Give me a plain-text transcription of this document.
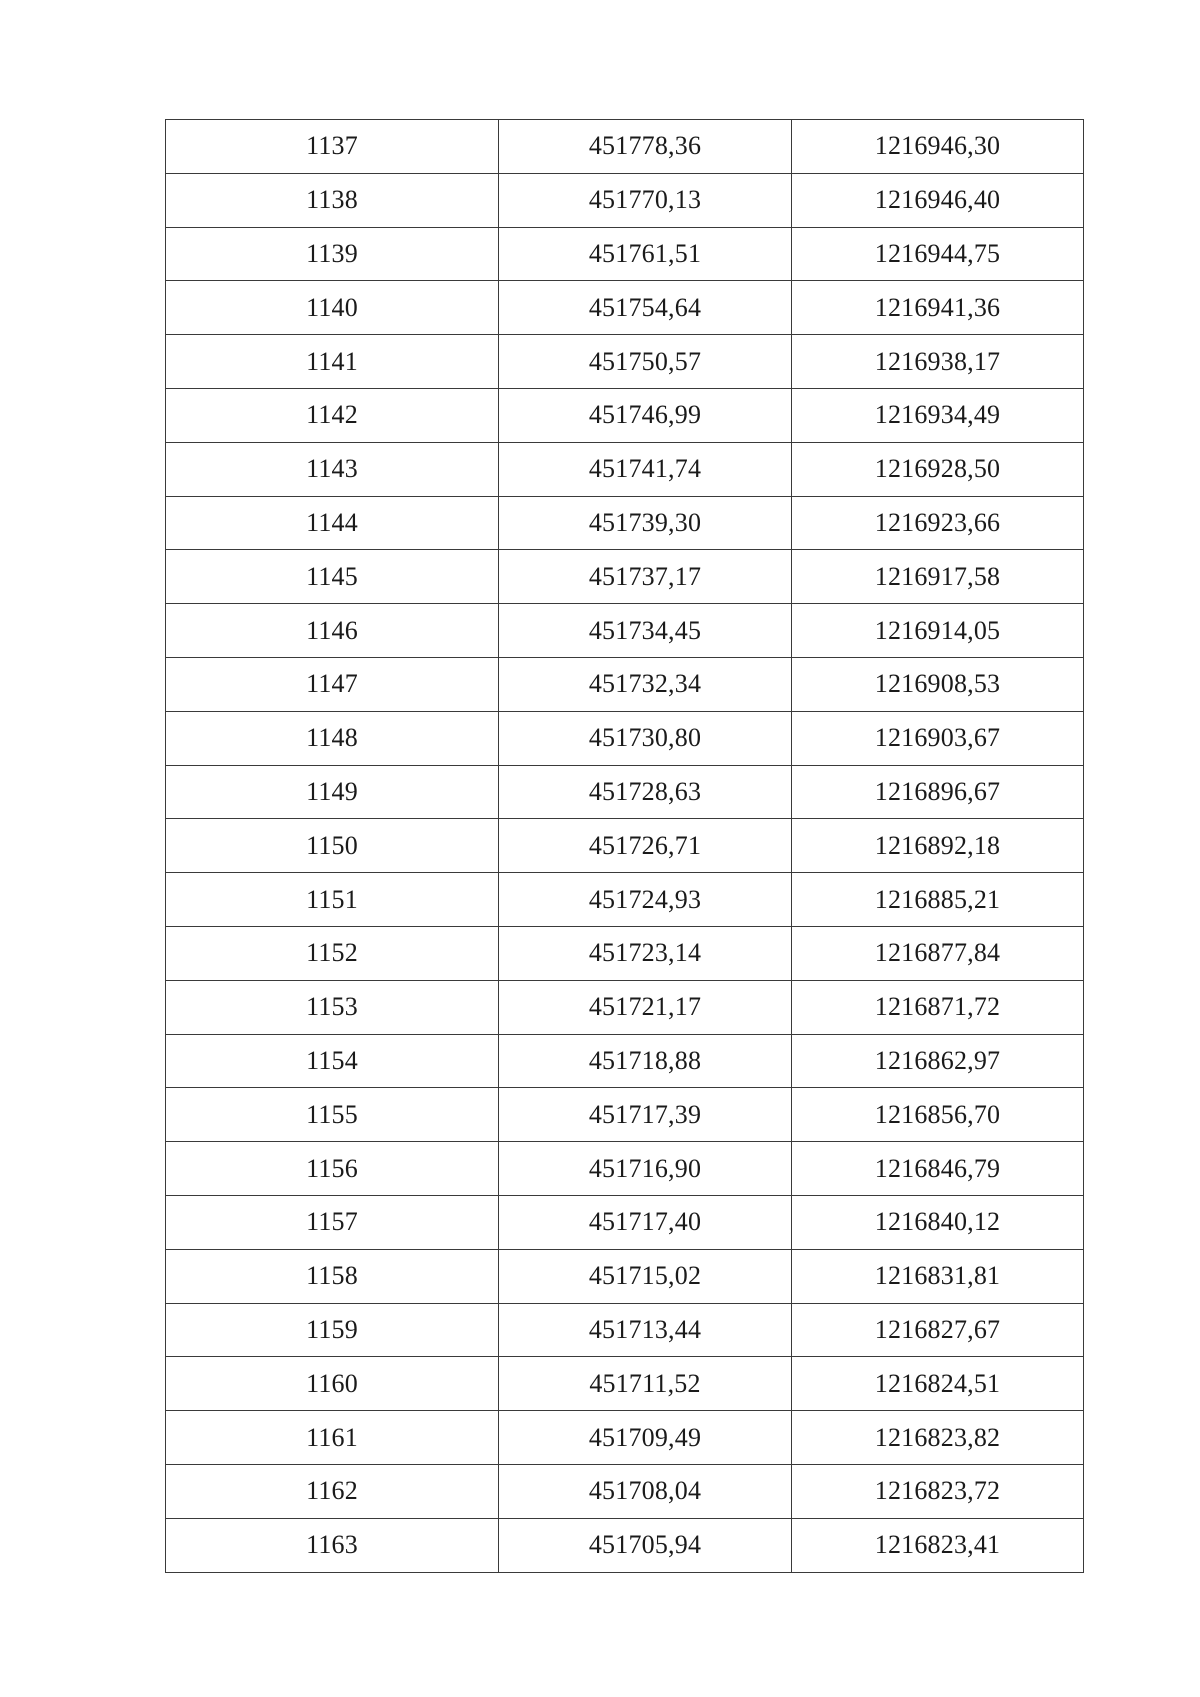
1137	451778,36	1216946,30
1138	451770,13	1216946,40
1139	451761,51	1216944,75
1140	451754,64	1216941,36
1141	451750,57	1216938,17
1142	451746,99	1216934,49
1143	451741,74	1216928,50
1144	451739,30	1216923,66
1145	451737,17	1216917,58
1146	451734,45	1216914,05
1147	451732,34	1216908,53
1148	451730,80	1216903,67
1149	451728,63	1216896,67
1150	451726,71	1216892,18
1151	451724,93	1216885,21
1152	451723,14	1216877,84
1153	451721,17	1216871,72
1154	451718,88	1216862,97
1155	451717,39	1216856,70
1156	451716,90	1216846,79
1157	451717,40	1216840,12
1158	451715,02	1216831,81
1159	451713,44	1216827,67
1160	451711,52	1216824,51
1161	451709,49	1216823,82
1162	451708,04	1216823,72
1163	451705,94	1216823,41
